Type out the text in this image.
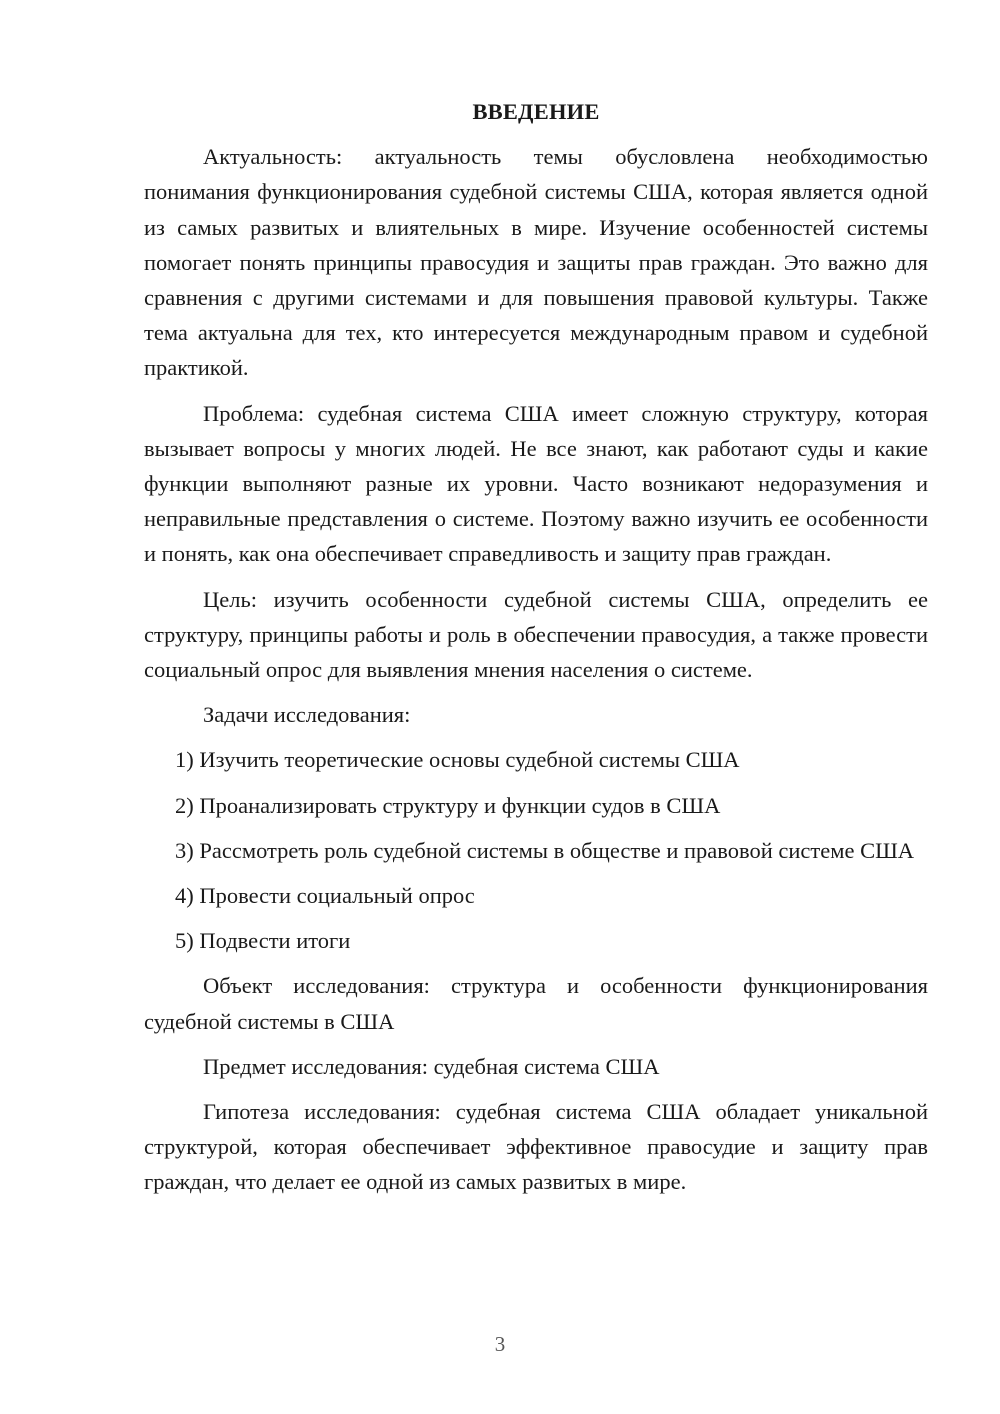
ВВЕДЕНИЕ

Актуальность: актуальность темы обусловлена необходимостью понимания функционирования судебной системы США, которая является одной из самых развитых и влиятельных в мире. Изучение особенностей системы помогает понять принципы правосудия и защиты прав граждан. Это важно для сравнения с другими системами и для повышения правовой культуры. Также тема актуальна для тех, кто интересуется международным правом и судебной практикой.

Проблема: судебная система США имеет сложную структуру, которая вызывает вопросы у многих людей. Не все знают, как работают суды и какие функции выполняют разные их уровни. Часто возникают недоразумения и неправильные представления о системе. Поэтому важно изучить ее особенности и понять, как она обеспечивает справедливость и защиту прав граждан.

Цель: изучить особенности судебной системы США, определить ее структуру, принципы работы и роль в обеспечении правосудия, а также провести социальный опрос для выявления мнения населения о системе.

Задачи исследования:

1) Изучить теоретические основы судебной системы США

2) Проанализировать структуру и функции судов в США

3) Рассмотреть роль судебной системы в обществе и правовой системе США

4) Провести социальный опрос

5) Подвести итоги

Объект исследования: структура и особенности функционирования судебной системы в США

Предмет исследования: судебная система США

Гипотеза исследования: судебная система США обладает уникальной структурой, которая обеспечивает эффективное правосудие и защиту прав граждан, что делает ее одной из самых развитых в мире.

3
